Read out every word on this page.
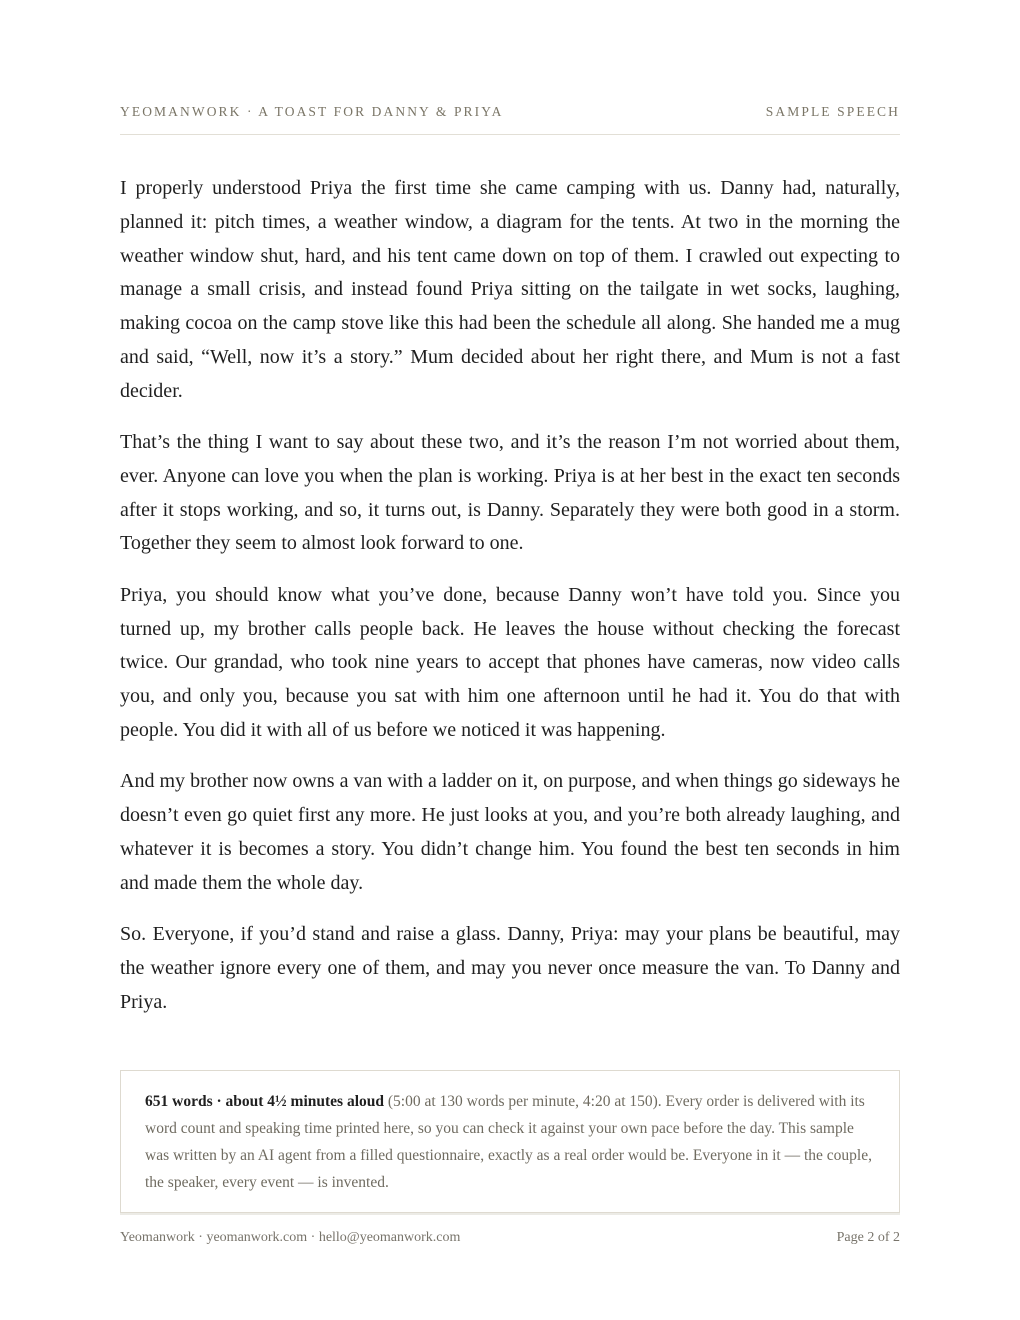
YEOMANWORK · A TOAST FOR DANNY & PRIYA	SAMPLE SPEECH

I properly understood Priya the first time she came camping with us. Danny had, naturally, planned it: pitch times, a weather window, a diagram for the tents. At two in the morning the weather window shut, hard, and his tent came down on top of them. I crawled out expecting to manage a small crisis, and instead found Priya sitting on the tailgate in wet socks, laughing, making cocoa on the camp stove like this had been the schedule all along. She handed me a mug and said, “Well, now it’s a story.” Mum decided about her right there, and Mum is not a fast decider.

That’s the thing I want to say about these two, and it’s the reason I’m not worried about them, ever. Anyone can love you when the plan is working. Priya is at her best in the exact ten seconds after it stops working, and so, it turns out, is Danny. Separately they were both good in a storm. Together they seem to almost look forward to one.

Priya, you should know what you’ve done, because Danny won’t have told you. Since you turned up, my brother calls people back. He leaves the house without checking the forecast twice. Our grandad, who took nine years to accept that phones have cameras, now video calls you, and only you, because you sat with him one afternoon until he had it. You do that with people. You did it with all of us before we noticed it was happening.

And my brother now owns a van with a ladder on it, on purpose, and when things go sideways he doesn’t even go quiet first any more. He just looks at you, and you’re both already laughing, and whatever it is becomes a story. You didn’t change him. You found the best ten seconds in him and made them the whole day.

So. Everyone, if you’d stand and raise a glass. Danny, Priya: may your plans be beautiful, may the weather ignore every one of them, and may you never once measure the van. To Danny and Priya.

651 words · about 4½ minutes aloud (5:00 at 130 words per minute, 4:20 at 150). Every order is delivered with its word count and speaking time printed here, so you can check it against your own pace before the day. This sample was written by an AI agent from a filled questionnaire, exactly as a real order would be. Everyone in it — the couple, the speaker, every event — is invented.

Yeomanwork · yeomanwork.com · hello@yeomanwork.com	Page 2 of 2
